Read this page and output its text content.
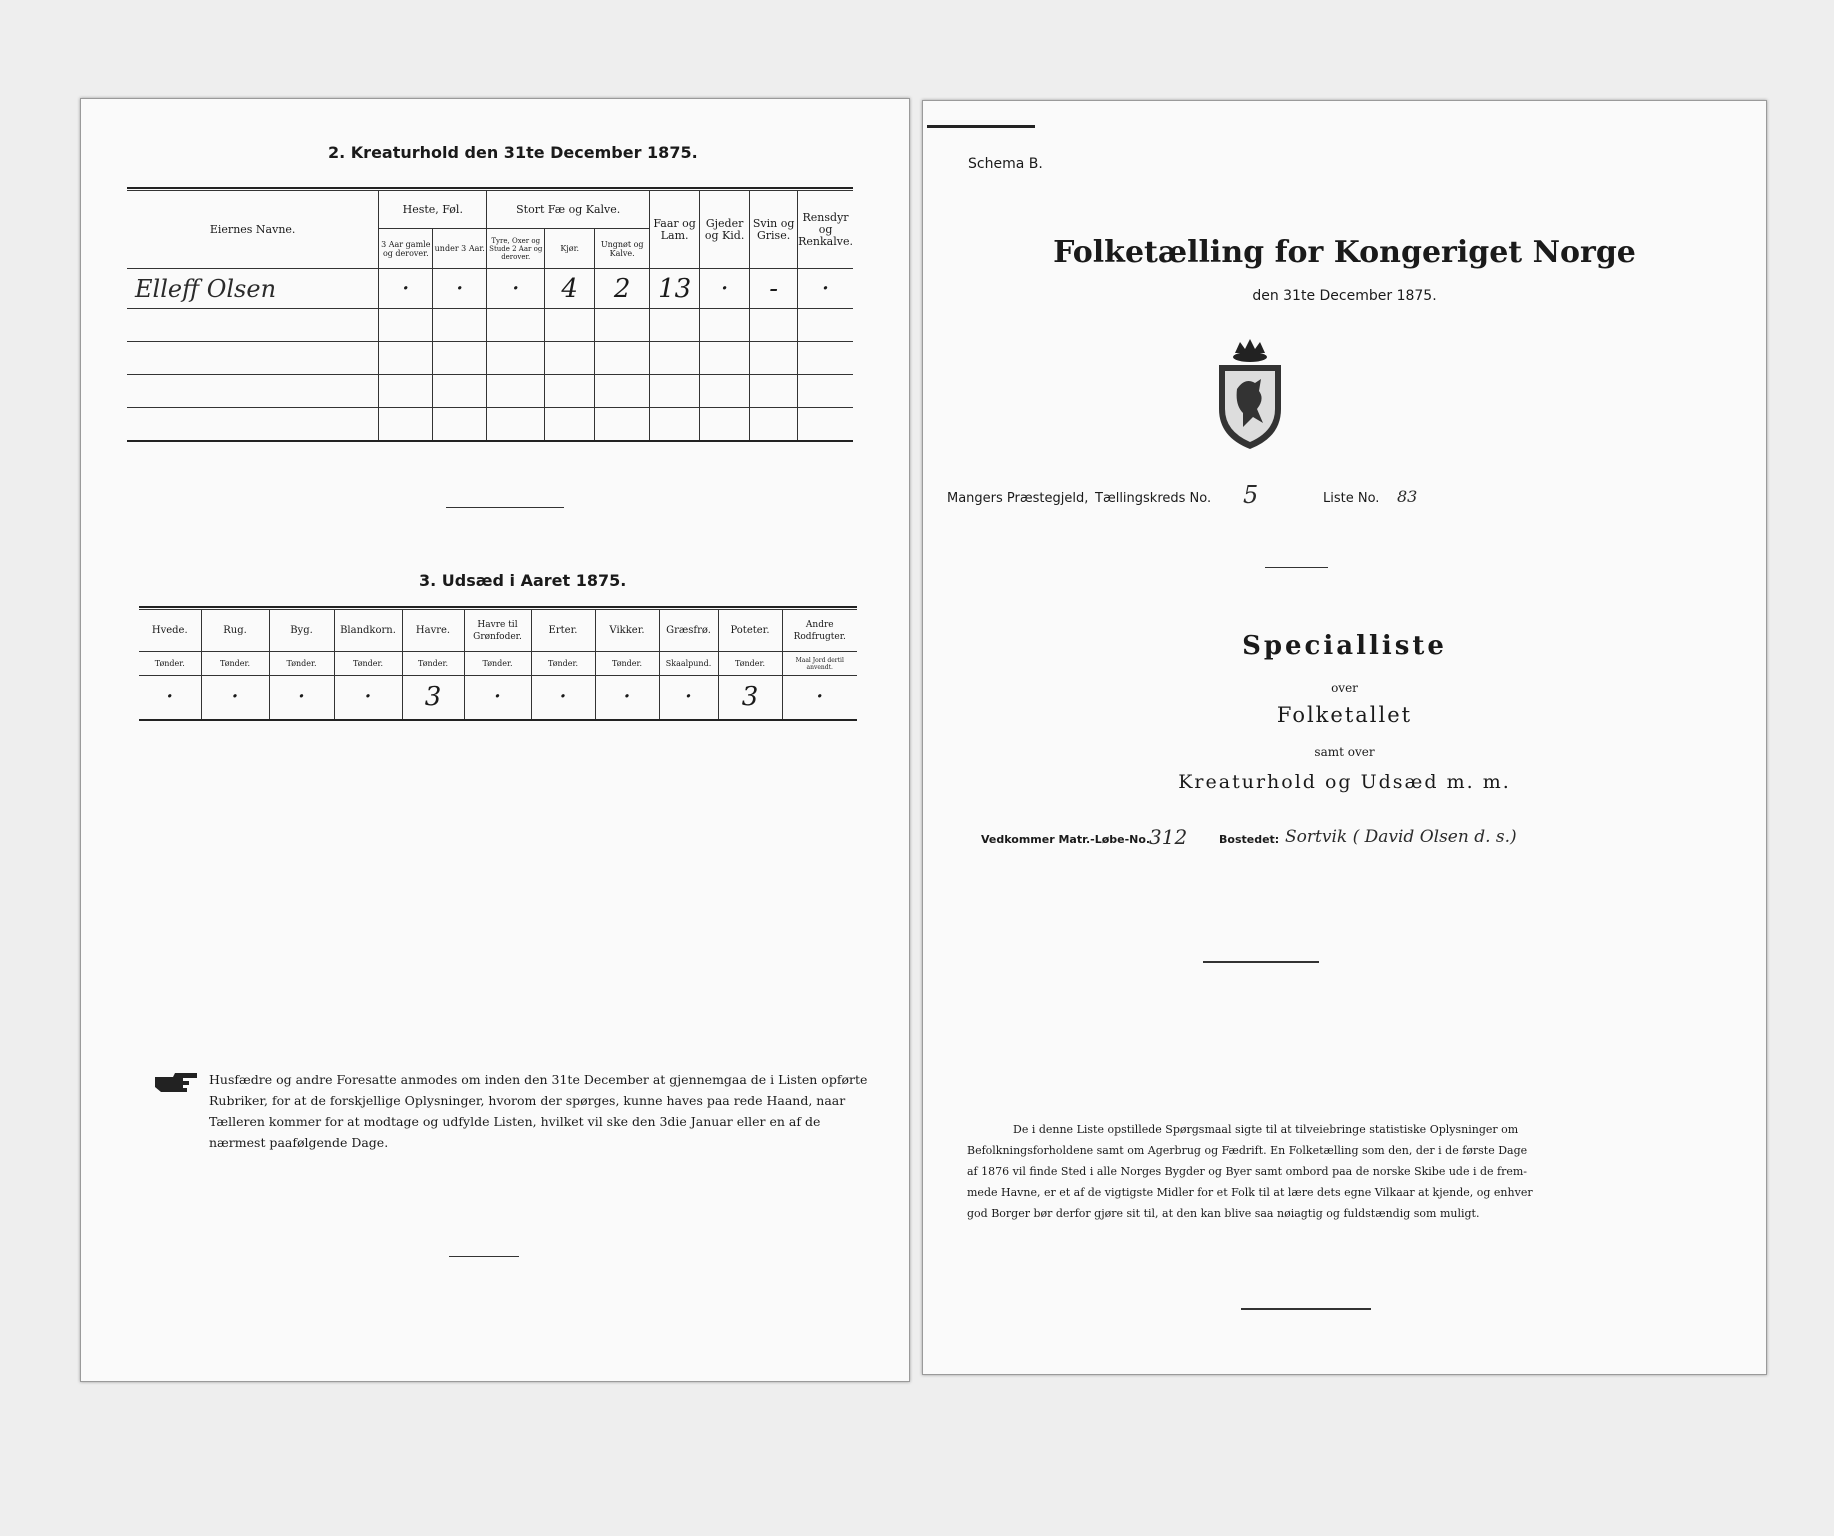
2. Kreaturhold den 31te December 1875.
Eiernes Navne.	Heste, Føl.		Stort Fæ og Kalve.			Faar og Lam.	Gjeder og Kid.	Svin og Grise.	Rensdyr og Renkalve.
	3 Aar gamle og derover.	under 3 Aar.	Tyre, Oxer og Stude 2 Aar og derover.	Kjør.	Ungnøt og Kalve.				
Elleff Olsen	·	·	·	4	2	13	·	-	·

3. Udsæd i Aaret 1875.
Hvede.	Rug.	Byg.	Blandkorn.	Havre.	Havre til Grønfoder.	Erter.	Vikker.	Græsfrø.	Poteter.	Andre Rodfrugter.
Tønder.	Tønder.	Tønder.	Tønder.	Tønder.	Tønder.	Tønder.	Tønder.	Skaalpund.	Tønder.	Maal Jord dertil anvendt.
·	·	·	·	3	·	·	·	·	3	·
Husfædre og andre Foresatte anmodes om inden den 31te December at gjennemgaa de i Listen opførte
Rubriker, for at de forskjellige Oplysninger, hvorom der spørges, kunne haves paa rede Haand, naar
Tælleren kommer for at modtage og udfylde Listen, hvilket vil ske den 3die Januar eller en af de
nærmest paafølgende Dage.
Schema B.
Folketælling for Kongeriget Norge
den 31te December 1875.
Mangers Præstegjeld, Tællingskreds No. 5	Liste No. 83
Specialliste
over
Folketallet
samt over
Kreaturhold og Udsæd m. m.
Vedkommer Matr.-Løbe-No.
312	Bostedet: Sortvik ( David Olsen d. s.)
De i denne Liste opstillede Spørgsmaal sigte til at tilveiebringe statistiske Oplysninger om
Befolkningsforholdene samt om Agerbrug og Fædrift. En Folketælling som den, der i de første Dage
af 1876 vil finde Sted i alle Norges Bygder og Byer samt ombord paa de norske Skibe ude i de frem-
mede Havne, er et af de vigtigste Midler for et Folk til at lære dets egne Vilkaar at kjende, og enhver
god Borger bør derfor gjøre sit til, at den kan blive saa nøiagtig og fuldstændig som muligt.
